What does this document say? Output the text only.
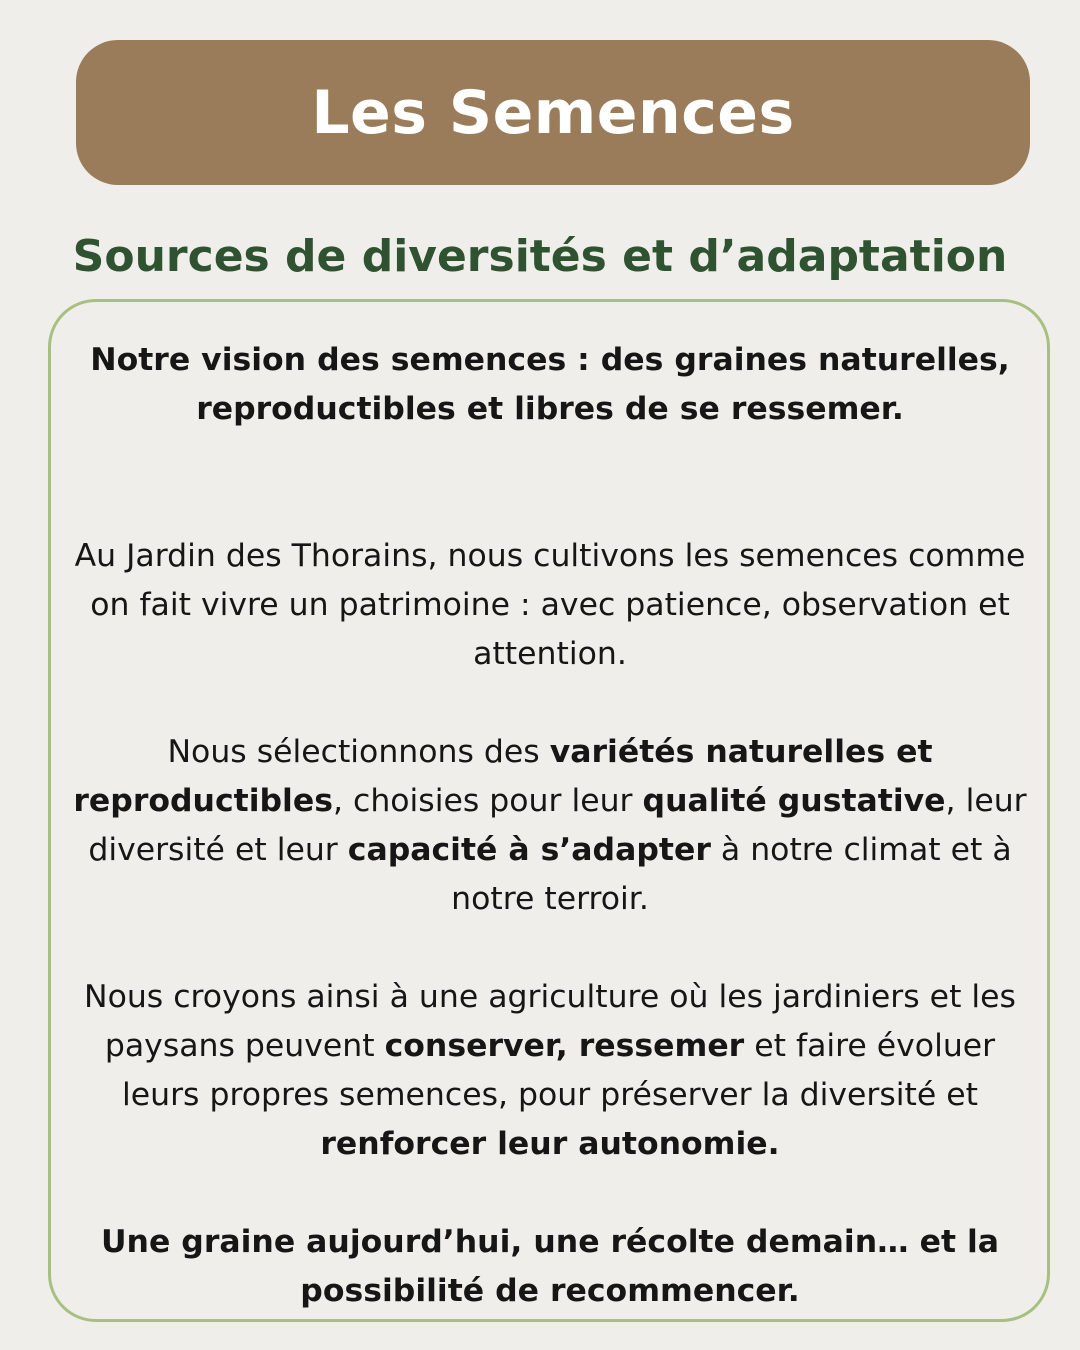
Les Semences
Sources de diversités et d’adaptation

Notre vision des semences : des graines naturelles, reproductibles et libres de se ressemer.

Au Jardin des Thorains, nous cultivons les semences comme on fait vivre un patrimoine : avec patience, observation et attention.

Nous sélectionnons des variétés naturelles et reproductibles, choisies pour leur qualité gustative, leur diversité et leur capacité à s’adapter à notre climat et à notre terroir.

Nous croyons ainsi à une agriculture où les jardiniers et les paysans peuvent conserver, ressemer et faire évoluer leurs propres semences, pour préserver la diversité et renforcer leur autonomie.

Une graine aujourd’hui, une récolte demain… et la possibilité de recommencer.
